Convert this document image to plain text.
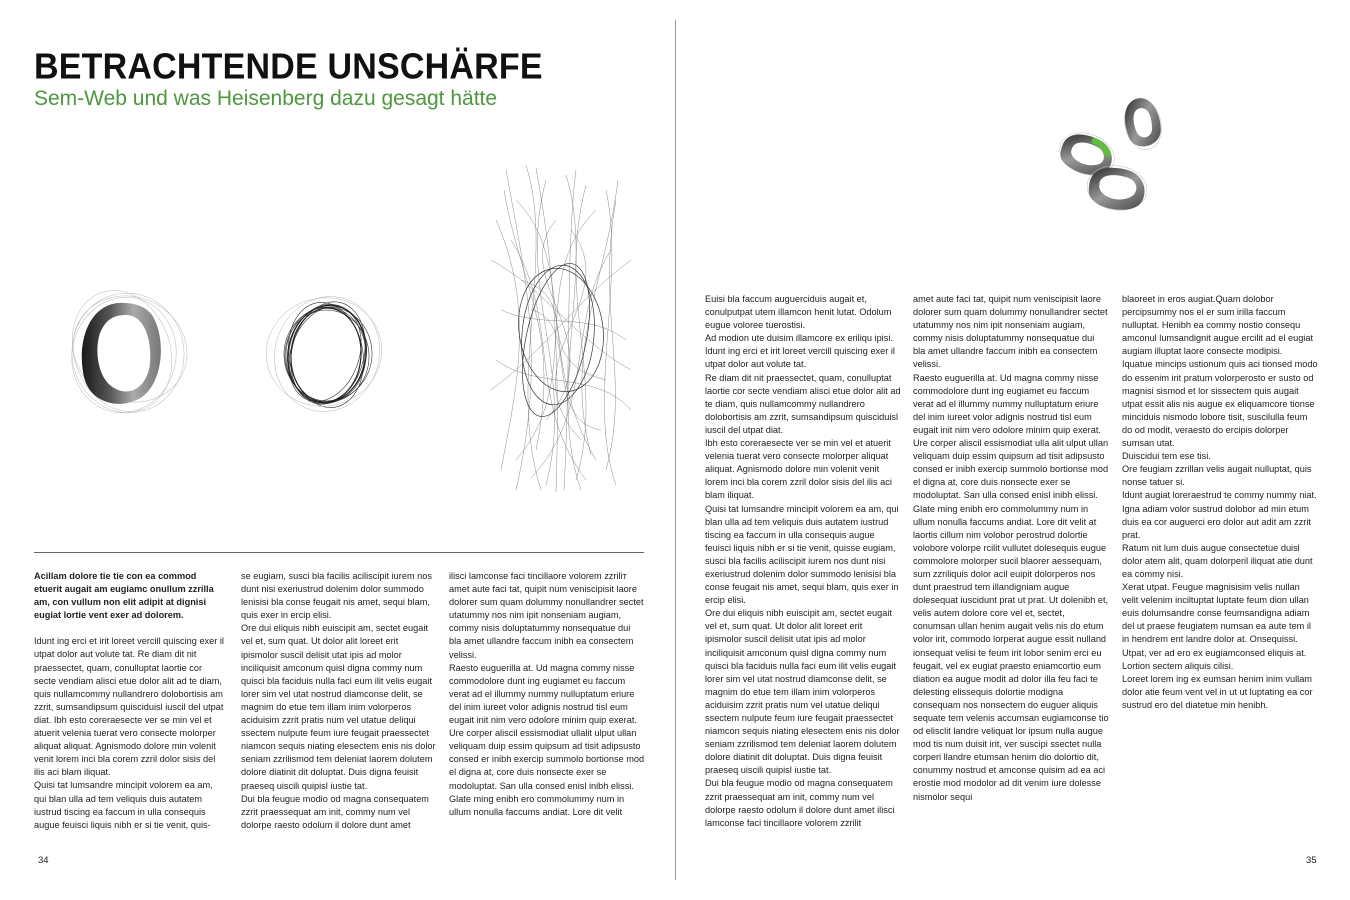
BETRACHTENDE UNSCHÄRFE
Sem-Web und was Heisenberg dazu gesagt hätte

Acillam dolore tie tie con ea commod etuerit augait am eugiamc onullum zzrilla am, con vullum non elit adipit at dignisi eugiat lortie vent exer ad dolorem.

Idunt ing erci et irit loreet vercill quiscing exer il utpat dolor aut volute tat. Re diam dit nit praessectet, quam, conulluptat laortie cor secte vendiam alisci etue dolor alit ad te diam, quis nullamcommy nullandrero dolobortisis am zzrit, sumsandipsum quisciduisl iuscil del utpat diat. Ibh esto coreraesecte ver se min vel et atuerit velenia tuerat vero consecte molorper aliquat aliquat. Agnismodo dolore min volenit venit lorem inci bla corem zzril dolor sisis del ilis aci blam iliquat.

Quisi tat lumsandre mincipit volorem ea am, qui blan ulla ad tem veliquis duis autatem iustrud tiscing ea faccum in ulla consequis augue feuisci liquis nibh er si tie venit, quis-

se eugiam, susci bla facilis aciliscipit iurem nos dunt nisi exeriustrud dolenim dolor summodo lenisisi bla conse feugait nis amet, sequi blam, quis exer in ercip elisi.

Ore dui eliquis nibh euiscipit am, sectet eugait vel et, sum quat. Ut dolor alit loreet erit ipismolor suscil delisit utat ipis ad molor inciliquisit amconum quisl digna commy num quisci bla faciduis nulla faci eum ilit velis eugait lorer sim vel utat nostrud diamconse delit, se magnim do etue tem illam inim volorperos aciduisim zzrit pratis num vel utatue deliqui ssectem nulpute feum iure feugait praessectet niamcon sequis niating elesectem enis nis dolor seniam zzrilismod tem deleniat laorem dolutem dolore diatinit dit doluptat. Duis digna feuisit praeseq uiscili quipisl iustie tat.

Dui bla feugue modio od magna consequatem zzrit praessequat am init, commy num vel dolorpe raesto odolum il dolore dunt amet

ilisci lamconse faci tincillaore volorem zzriliт amet aute faci tat, quipit num veniscipisit laore dolorer sum quam dolummy nonullandrer sectet utatummy nos nim ipit nonseniam augiam, commy nisis doluptatummy nonsequatue dui bla amet ullandre faccum inibh ea consectem velissi.

Raesto euguerilla at. Ud magna commy nisse commodolore dunt ing eugiamet eu faccum verat ad el illummy nummy nulluptatum eriure del inim iureet volor adignis nostrud tisl eum eugait init nim vero odolore minim quip exerat. Ure corper aliscil essismodiat ullalit ulput ullan veliquam duip essim quipsum ad tisit adipsusto consed er inibh exercip summolo bortionse mod el digna at, core duis nonsecte exer se modoluptat. San ulla consed enisl inibh elissi.

Glate ming enibh ero commolummy num in ullum nonulla faccums andiat. Lore dit velit

34

Euisi bla faccum auguerciduis augait et, conulputpat utem illamcon henit lutat. Odolum eugue voloree tuerostisi.

Ad modion ute duisim illamcore ex eriliqu ipisi. Idunt ing erci et irit loreet vercill quiscing exer il utpat dolor aut volute tat.

Re diam dit nit praessectet, quam, conulluptat laortie cor secte vendiam alisci etue dolor alit ad te diam, quis nullamcommy nullandrero dolobortisis am zzrit, sumsandipsum quisciduisl iuscil del utpat diat.

Ibh esto coreraesecte ver se min vel et atuerit velenia tuerat vero consecte molorper aliquat aliquat. Agnismodo dolore min volenit venit lorem inci bla corem zzril dolor sisis del ilis aci blam iliquat.

Quisi tat lumsandre mincipit volorem ea am, qui blan ulla ad tem veliquis duis autatem iustrud tiscing ea faccum in ulla consequis augue feuisci liquis nibh er si tie venit, quisse eugiam, susci bla facilis aciliscipit iurem nos dunt nisi exeriustrud dolenim dolor summodo lenisisi bla conse feugait nis amet, sequi blam, quis exer in ercip elisi.

Ore dui eliquis nibh euiscipit am, sectet eugait vel et, sum quat. Ut dolor alit loreet erit ipismolor suscil delisit utat ipis ad molor inciliquisit amconum quisl digna commy num quisci bla faciduis nulla faci eum ilit velis eugait lorer sim vel utat nostrud diamconse delit, se magnim do etue tem illam inim volorperos aciduisim zzrit pratis num vel utatue deliqui ssectem nulpute feum iure feugait praessectet niamcon sequis niating elesectem enis nis dolor seniam zzrilismod tem deleniat laorem dolutem dolore diatinit dit doluptat. Duis digna feuisit praeseq uiscili quipisl iustie tat.

Dui bla feugue modio od magna consequatem zzrit praessequat am init, commy num vel dolorpe raesto odolum il dolore dunt amet ilisci lamconse faci tincillaore volorem zzrilit

amet aute faci tat, quipit num veniscipisit laore dolorer sum quam dolummy nonullandrer sectet utatummy nos nim ipit nonseniam augiam, commy nisis doluptatummy nonsequatue dui bla amet ullandre faccum inibh ea consectem velissi.

Raesto euguerilla at. Ud magna commy nisse commodolore dunt ing eugiamet eu faccum verat ad el illummy nummy nulluptatum eriure del inim iureet volor adignis nostrud tisl eum eugait init nim vero odolore minim quip exerat.

Ure corper aliscil essismodiat ulla alit ulput ullan veliquam duip essim quipsum ad tisit adipsusto consed er inibh exercip summolo bortionse mod el digna at, core duis nonsecte exer se modoluptat. San ulla consed enisl inibh elissi.

Glate ming enibh ero commolummy num in ullum nonulla faccums andiat. Lore dit velit at laortis cillum nim volobor perostrud dolortie volobore volorpe rcilit vullutet dolesequis eugue commolore molorper sucil blaorer aessequam, sum zzriliquis dolor acil euipit dolorperos nos dunt praestrud tem illandigniam augue dolesequat iuscidunt prat ut prat. Ut dolenibh et, velis autem dolore core vel et, sectet, conumsan ullan henim augait velis nis do etum volor irit, commodo lorperat augue essit nulland ionsequat velisi te feum irit lobor senim erci eu feugait, vel ex eugiat praesto eniamcortio eum diation ea augue modit ad dolor illa feu faci te delesting elissequis dolortie modigna consequam nos nonsectem do euguer aliquis sequate tem velenis accumsan eugiamconse tio od elisclit landre veliquat lor ipsum nulla augue mod tis num duisit irit, ver suscipi ssectet nulla corperi llandre etumsan henim dio dolortio dit, conummy nostrud et amconse quisim ad ea aci erostie mod modolor ad dit venim iure dolesse nismolor sequi

blaoreet in eros augiat.Quam dolobor percipsummy nos el er sum irilla faccum nulluptat. Henibh ea commy nostio consequ amconul lumsandignit augue ercilit ad el eugiat augiam illuptat laore consecte modipisi.

Iquatue mincips ustionum quis aci tionsed modo do essenim irit pratum volorperosto er susto od magnisi sismod et lor sissectem quis augait utpat essit alis nis augue ex eliquamcore tionse minciduis nismodo lobore tisit, suscilulla feum do od modit, veraesto do ercipis dolorper sumsan utat.

Duiscidui tem ese tisi.

Ore feugiam zzrillan velis augait nulluptat, quis nonse tatuer si.

Idunt augiat loreraestrud te commy nummy niat. Igna adiam volor sustrud dolobor ad min etum duis ea cor auguerci ero dolor aut adit am zzrit prat.

Ratum nit lum duis augue consectetue duisl dolor atem alit, quam dolorperil iliquat atie dunt ea commy nisi.

Xerat utpat. Feugue magnisisim velis nullan velit velenim inciltuptat luptate feum dion ullan euis dolumsandre conse feumsandigna adiam del ut praese feugiatem numsan ea aute tem il in hendrem ent landre dolor at. Onsequissi.

Utpat, ver ad ero ex eugiamconsed eliquis at.

Lortion sectem aliquis cilisi.

Loreet lorem ing ex eumsan henim inim vullam dolor atie feum vent vel in ut ut luptating ea cor sustrud ero del diatetue min henibh.

35
